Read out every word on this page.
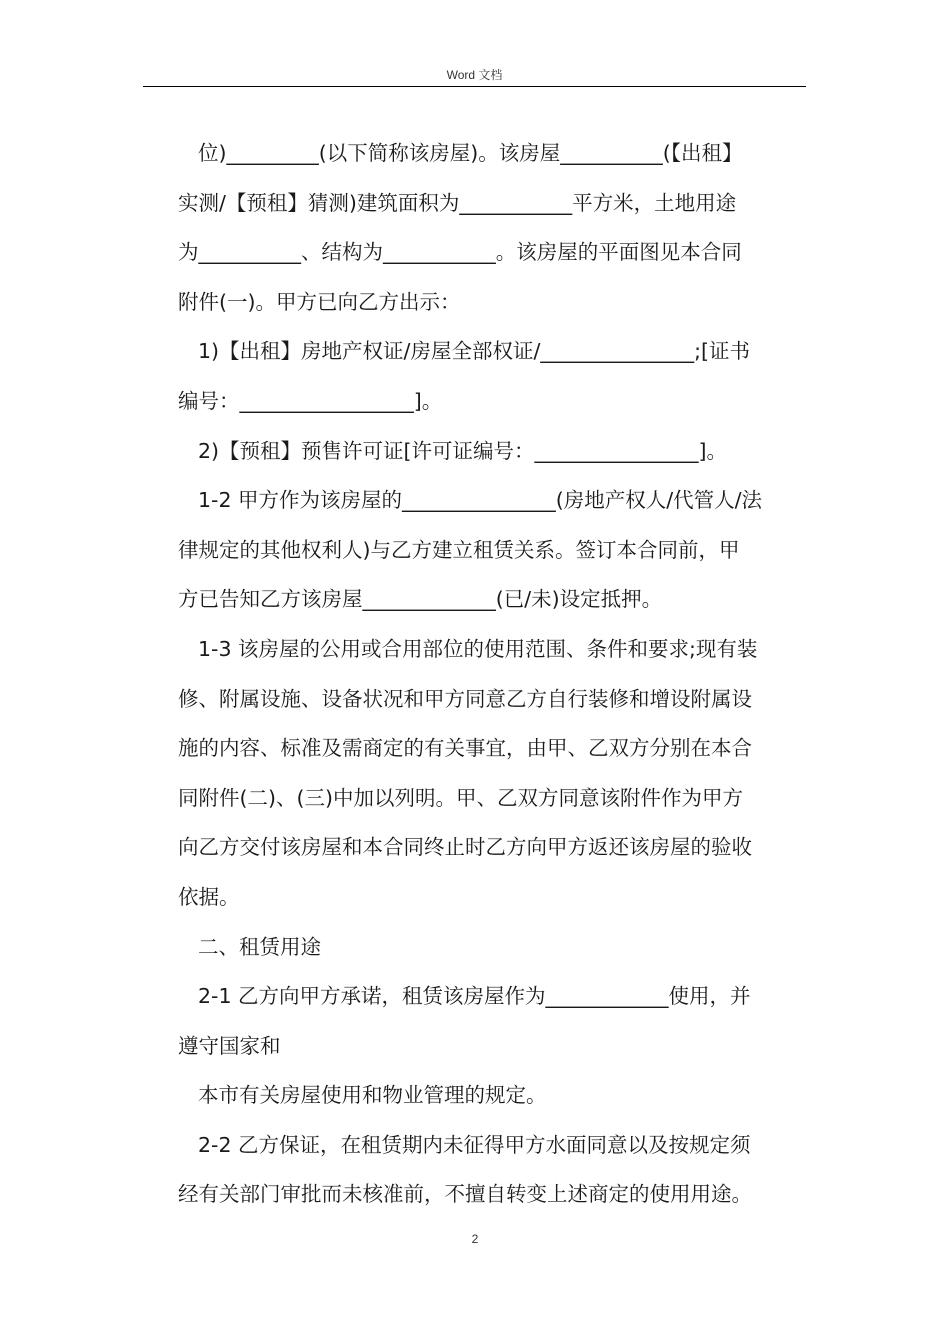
Word 文档

位)_________(以下简称该房屋)。该房屋__________(【出租】

实测/【预租】猜测)建筑面积为___________平方米，土地用途

为__________、结构为___________。该房屋的平面图见本合同

附件(一)。甲方已向乙方出示：

1)【出租】房地产权证/房屋全部权证/_______________;[证书

编号：_________________]。

2)【预租】预售许可证[许可证编号：________________]。

1-2 甲方作为该房屋的_______________(房地产权人/代管人/法

律规定的其他权利人)与乙方建立租赁关系。签订本合同前，甲

方已告知乙方该房屋_____________(已/未)设定抵押。

1-3 该房屋的公用或合用部位的使用范围、条件和要求;现有装

修、附属设施、设备状况和甲方同意乙方自行装修和增设附属设

施的内容、标准及需商定的有关事宜，由甲、乙双方分别在本合

同附件(二)、(三)中加以列明。甲、乙双方同意该附件作为甲方

向乙方交付该房屋和本合同终止时乙方向甲方返还该房屋的验收

依据。

二、租赁用途

2-1 乙方向甲方承诺，租赁该房屋作为____________使用，并

遵守国家和

本市有关房屋使用和物业管理的规定。

2-2 乙方保证，在租赁期内未征得甲方水面同意以及按规定须

经有关部门审批而未核准前，不擅自转变上述商定的使用用途。

2
